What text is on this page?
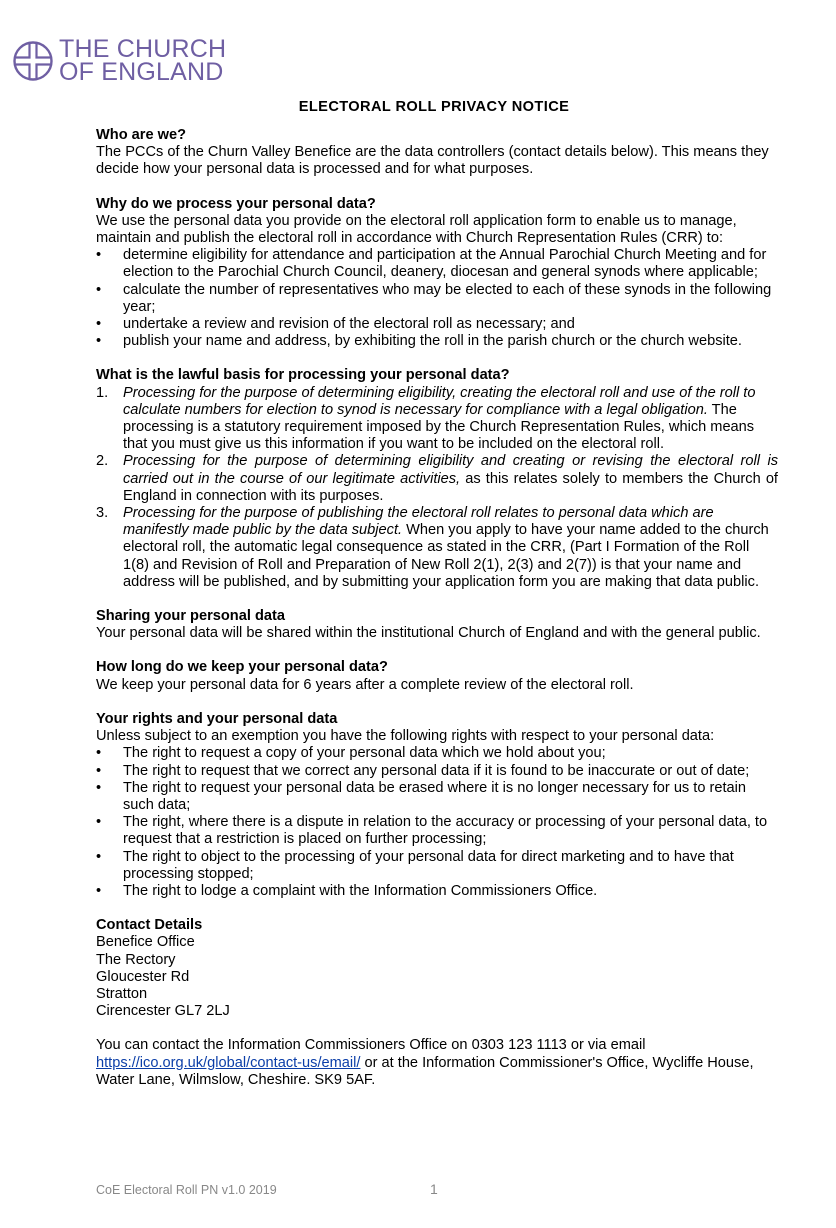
THE CHURCH
OF ENGLAND
ELECTORAL ROLL PRIVACY NOTICE

Who are we?

The PCCs of the Churn Valley Benefice are the data controllers (contact details below). This means they decide how your personal data is processed and for what purposes.

Why do we process your personal data?

We use the personal data you provide on the electoral roll application form to enable us to manage, maintain and publish the electoral roll in accordance with Church Representation Rules (CRR) to:

• determine eligibility for attendance and participation at the Annual Parochial Church Meeting and for election to the Parochial Church Council, deanery, diocesan and general synods where applicable;
• calculate the number of representatives who may be elected to each of these synods in the following year;
• undertake a review and revision of the electoral roll as necessary; and
• publish your name and address, by exhibiting the roll in the parish church or the church website.

What is the lawful basis for processing your personal data?

1. Processing for the purpose of determining eligibility, creating the electoral roll and use of the roll to calculate numbers for election to synod is necessary for compliance with a legal obligation. The processing is a statutory requirement imposed by the Church Representation Rules, which means that you must give us this information if you want to be included on the electoral roll.
2. Processing for the purpose of determining eligibility and creating or revising the electoral roll is carried out in the course of our legitimate activities, as this relates solely to members the Church of England in connection with its purposes.
3. Processing for the purpose of publishing the electoral roll relates to personal data which are manifestly made public by the data subject. When you apply to have your name added to the church electoral roll, the automatic legal consequence as stated in the CRR, (Part I Formation of the Roll 1(8) and Revision of Roll and Preparation of New Roll 2(1), 2(3) and 2(7)) is that your name and address will be published, and by submitting your application form you are making that data public.

Sharing your personal data

Your personal data will be shared within the institutional Church of England and with the general public.

How long do we keep your personal data?

We keep your personal data for 6 years after a complete review of the electoral roll.

Your rights and your personal data

Unless subject to an exemption you have the following rights with respect to your personal data:

• The right to request a copy of your personal data which we hold about you;
• The right to request that we correct any personal data if it is found to be inaccurate or out of date;
• The right to request your personal data be erased where it is no longer necessary for us to retain such data;
• The right, where there is a dispute in relation to the accuracy or processing of your personal data, to request that a restriction is placed on further processing;
• The right to object to the processing of your personal data for direct marketing and to have that processing stopped;
• The right to lodge a complaint with the Information Commissioners Office.

Contact Details

Benefice Office

The Rectory

Gloucester Rd

Stratton

Cirencester GL7 2LJ

You can contact the Information Commissioners Office on 0303 123 1113 or via email https://ico.org.uk/global/contact-us/email/ or at the Information Commissioner's Office, Wycliffe House, Water Lane, Wilmslow, Cheshire. SK9 5AF.

CoE Electoral Roll PN v1.0 2019	1
